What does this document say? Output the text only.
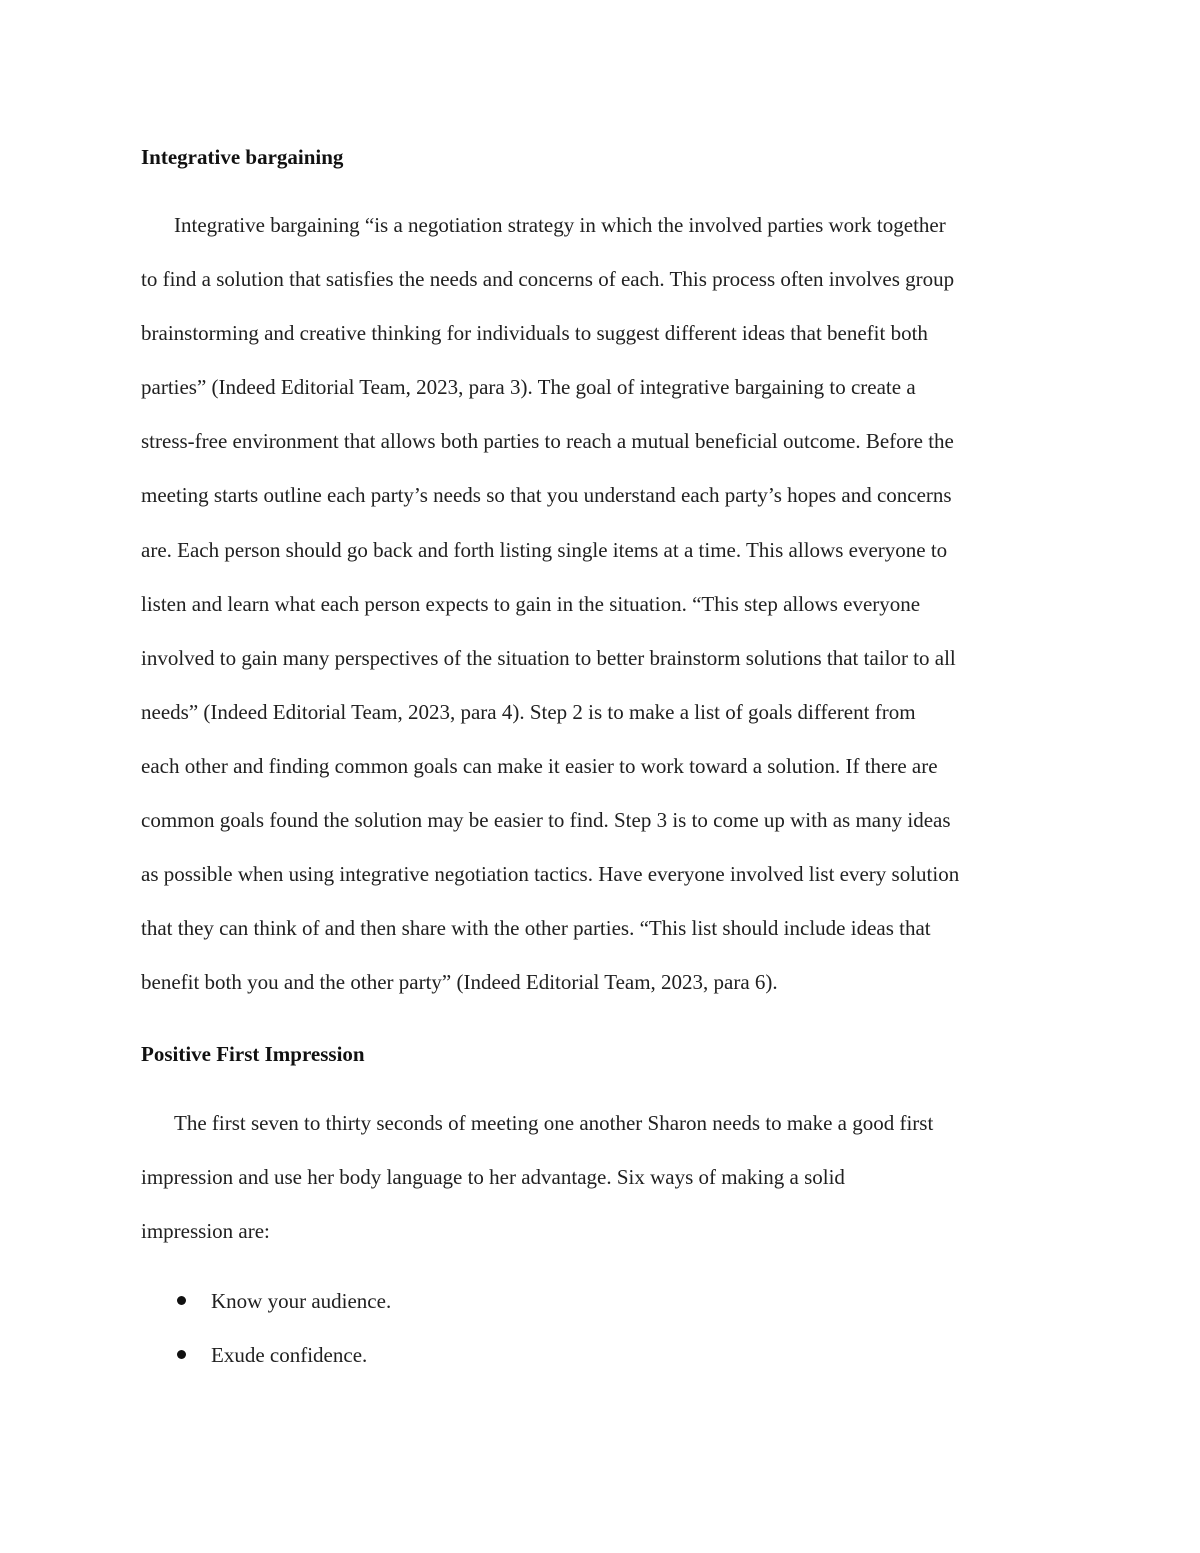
Integrative bargaining

Integrative bargaining “is a negotiation strategy in which the involved parties work together
to find a solution that satisfies the needs and concerns of each. This process often involves group
brainstorming and creative thinking for individuals to suggest different ideas that benefit both
parties” (Indeed Editorial Team, 2023, para 3). The goal of integrative bargaining to create a
stress-free environment that allows both parties to reach a mutual beneficial outcome. Before the
meeting starts outline each party’s needs so that you understand each party’s hopes and concerns
are. Each person should go back and forth listing single items at a time. This allows everyone to
listen and learn what each person expects to gain in the situation. “This step allows everyone
involved to gain many perspectives of the situation to better brainstorm solutions that tailor to all
needs” (Indeed Editorial Team, 2023, para 4). Step 2 is to make a list of goals different from
each other and finding common goals can make it easier to work toward a solution. If there are
common goals found the solution may be easier to find. Step 3 is to come up with as many ideas
as possible when using integrative negotiation tactics. Have everyone involved list every solution
that they can think of and then share with the other parties. “This list should include ideas that
benefit both you and the other party” (Indeed Editorial Team, 2023, para 6).

Positive First Impression

The first seven to thirty seconds of meeting one another Sharon needs to make a good first
impression and use her body language to her advantage. Six ways of making a solid
impression are:

Know your audience.
Exude confidence.
